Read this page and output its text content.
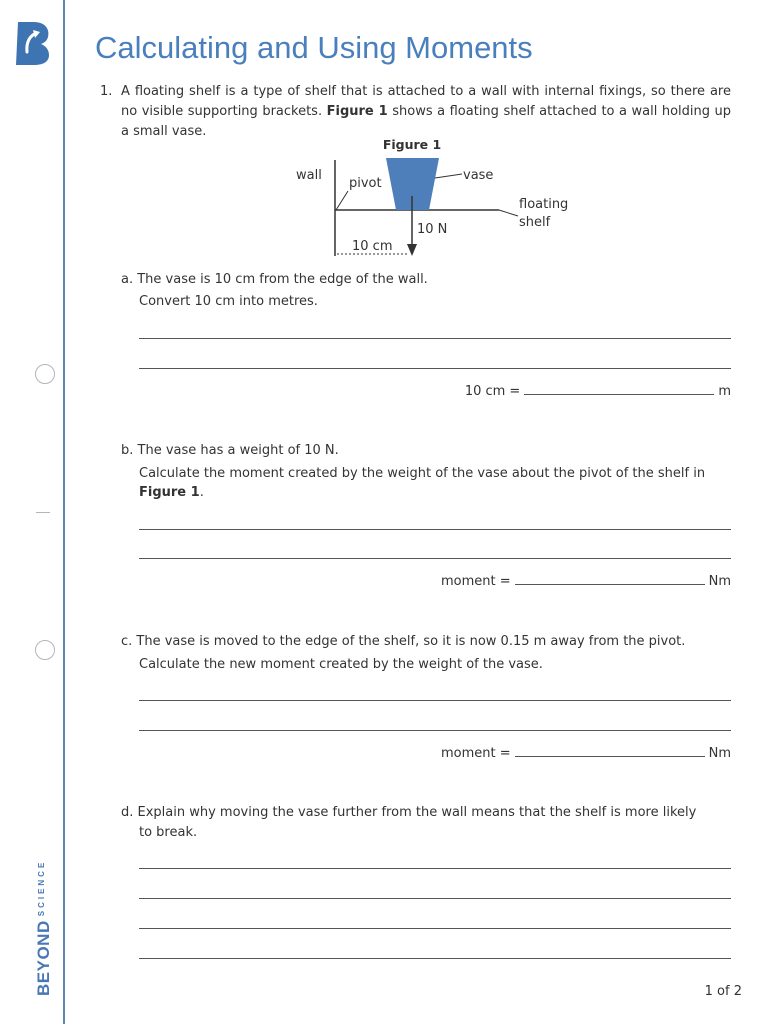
$BEYOND^{SCIENCE}$
Calculating and Using Moments
1. A floating shelf is a type of shelf that is attached to a wall with internal fixings, so there are no visible supporting brackets. Figure 1 shows a floating shelf attached to a wall holding up a small vase.
Figure 1
wall
pivot
vase
floating
shelf
10 N
10 cm
a. The vase is 10 cm from the edge of the wall.
Convert 10 cm into metres.
10 cm =	m
b. The vase has a weight of 10 N.
Calculate the moment created by the weight of the vase about the pivot of the shelf in
Figure 1.
moment =	Nm
c. The vase is moved to the edge of the shelf, so it is now 0.15 m away from the pivot.
Calculate the new moment created by the weight of the vase.
moment =	Nm
d. Explain why moving the vase further from the wall means that the shelf is more likely
to break.
1 of 2
